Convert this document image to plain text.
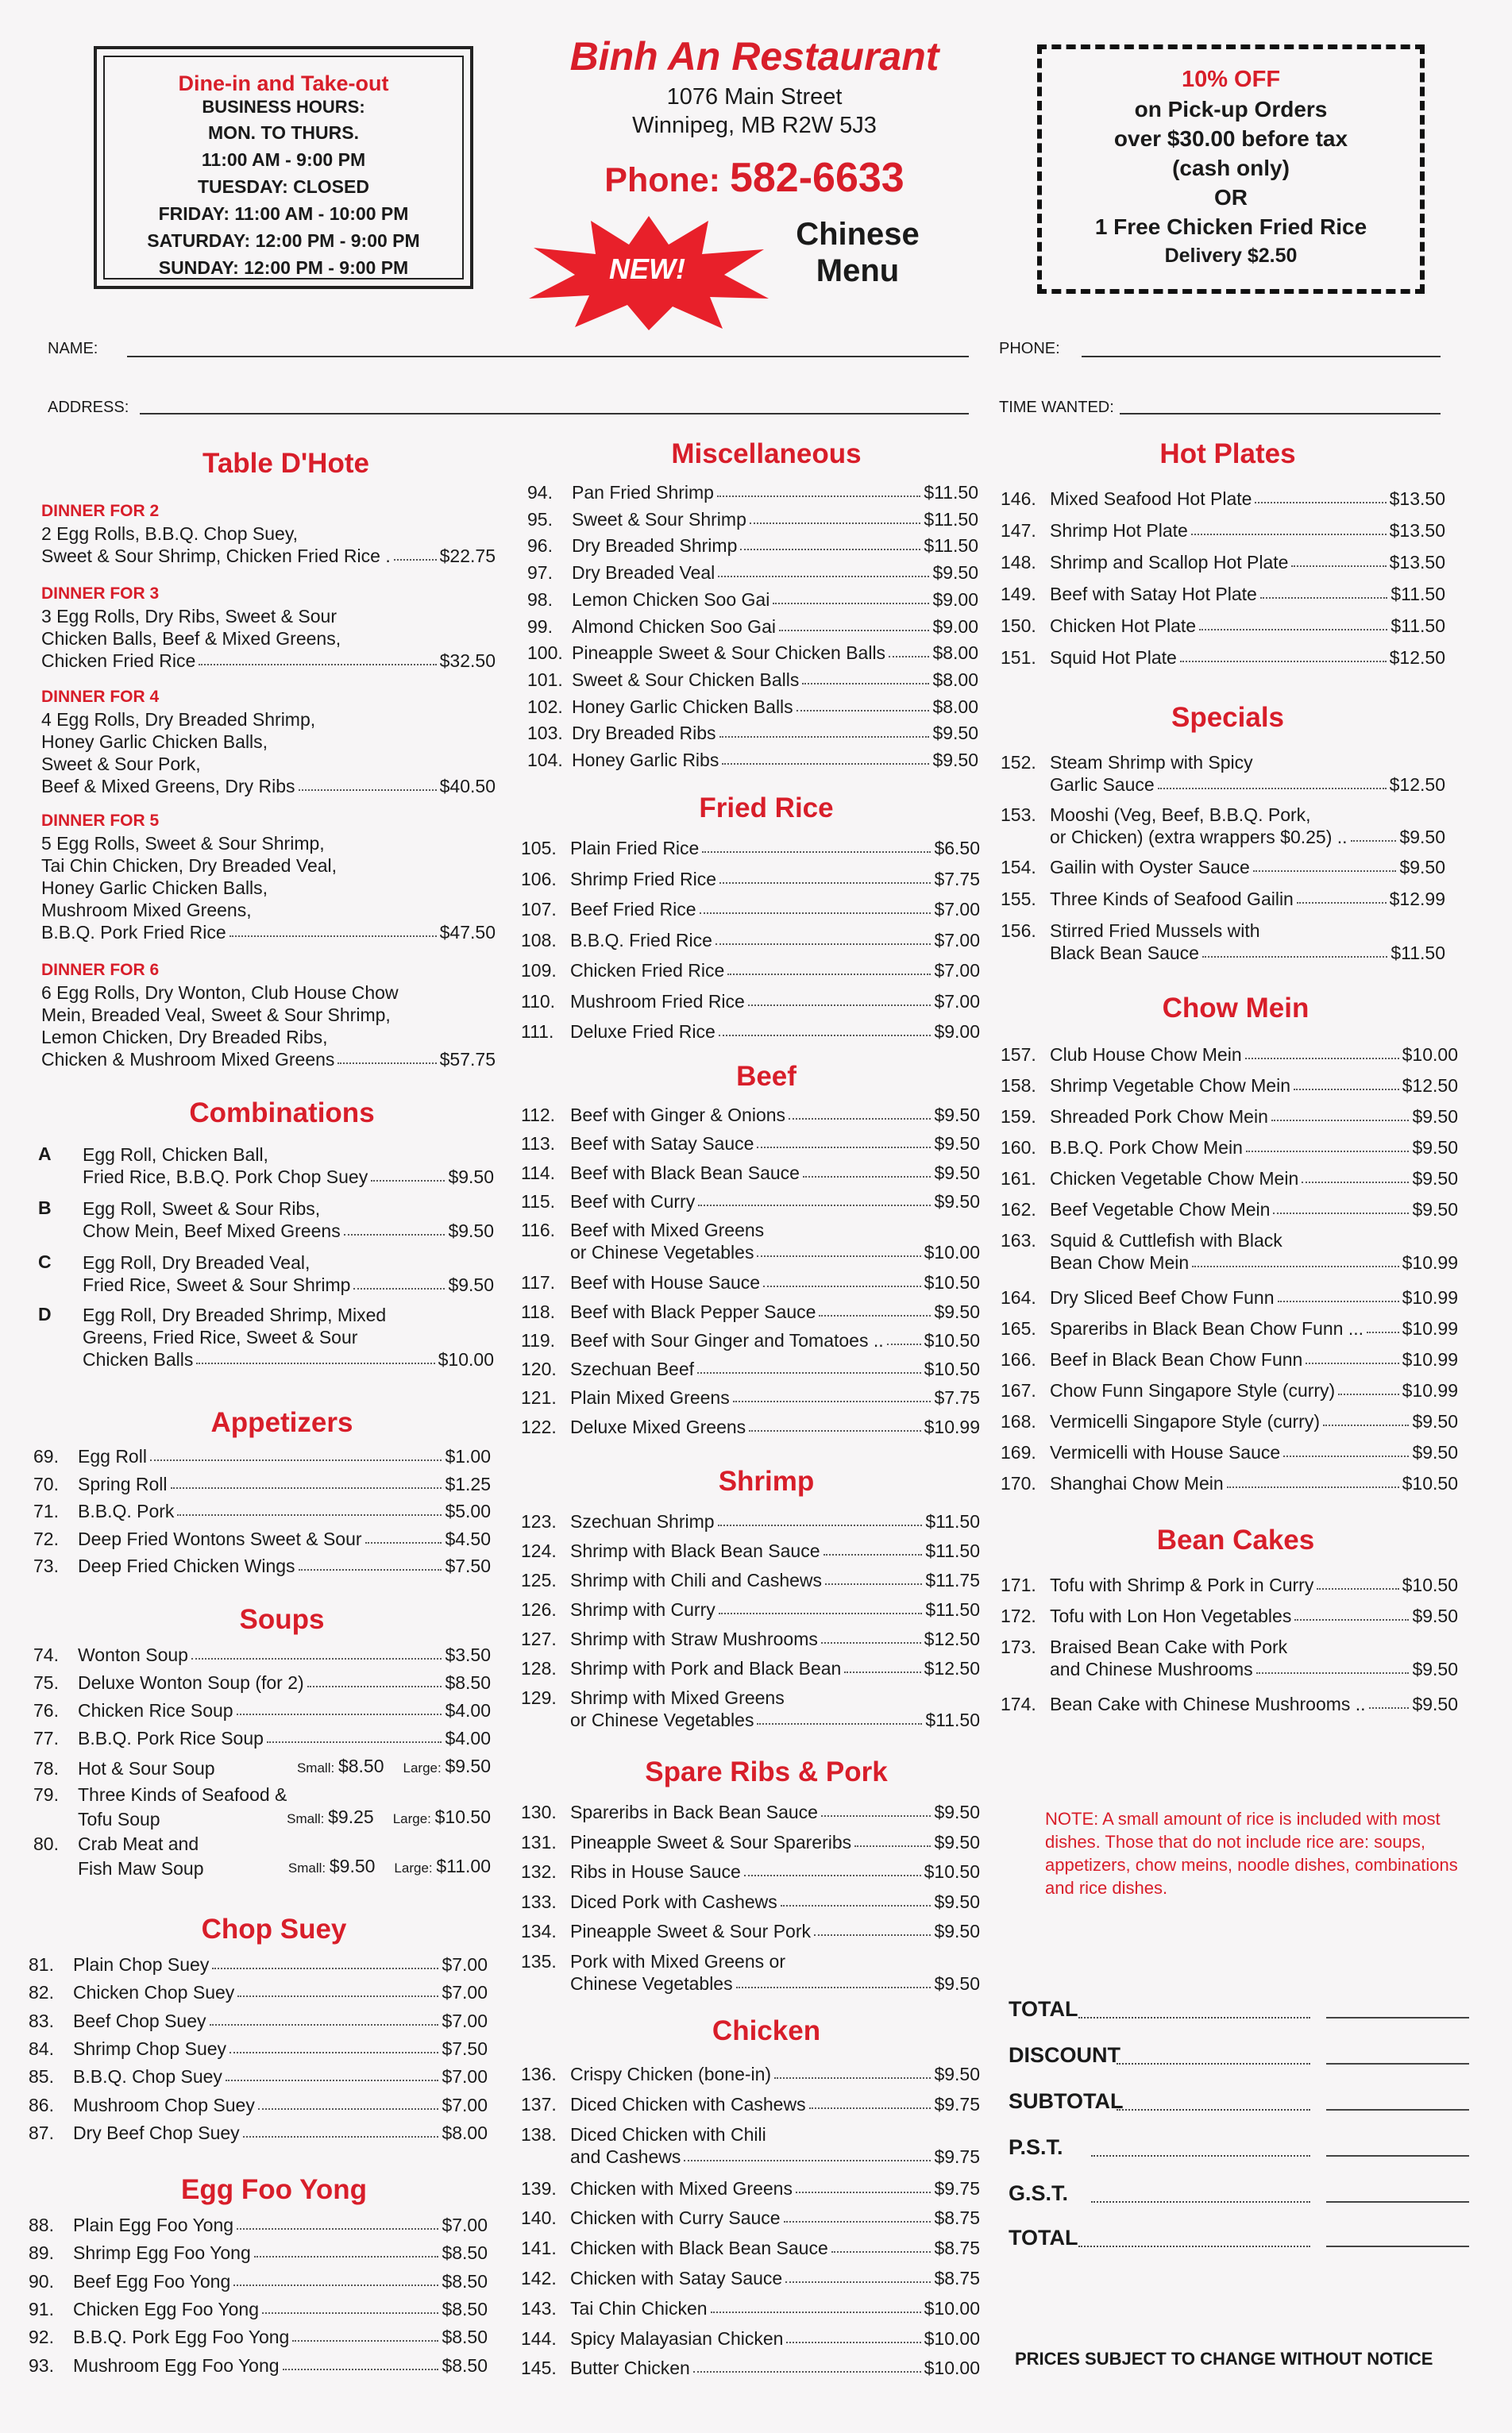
Dine-in and Take-out
BUSINESS HOURS:
MON. TO THURS.
11:00 AM - 9:00 PM
TUESDAY: CLOSED
FRIDAY: 11:00 AM - 10:00 PM
SATURDAY: 12:00 PM - 9:00 PM
SUNDAY: 12:00 PM - 9:00 PM
Binh An Restaurant
1076 Main Street
Winnipeg, MB R2W 5J3
Phone: 582-6633
NEW!
Chinese
Menu
10% OFF
on Pick-up Orders
over $30.00 before tax
(cash only)
OR
1 Free Chicken Fried Rice
Delivery $2.50
NAME:	PHONE:
ADDRESS:	TIME WANTED:
Table D'Hote
DINNER FOR 2
2 Egg Rolls, B.B.Q. Chop Suey,
Sweet & Sour Shrimp, Chicken Fried Rice .	$22.75
DINNER FOR 3
3 Egg Rolls, Dry Ribs, Sweet & Sour
Chicken Balls, Beef & Mixed Greens,
Chicken Fried Rice	$32.50
DINNER FOR 4
4 Egg Rolls, Dry Breaded Shrimp,
Honey Garlic Chicken Balls,
Sweet & Sour Pork,
Beef & Mixed Greens, Dry Ribs	$40.50
DINNER FOR 5
5 Egg Rolls, Sweet & Sour Shrimp,
Tai Chin Chicken, Dry Breaded Veal,
Honey Garlic Chicken Balls,
Mushroom Mixed Greens,
B.B.Q. Pork Fried Rice	$47.50
DINNER FOR 6
6 Egg Rolls, Dry Wonton, Club House Chow
Mein, Breaded Veal, Sweet & Sour Shrimp,
Lemon Chicken, Dry Breaded Ribs,
Chicken & Mushroom Mixed Greens	$57.75
Combinations
A Egg Roll, Chicken Ball,
Fried Rice, B.B.Q. Pork Chop Suey	$9.50
B Egg Roll, Sweet & Sour Ribs,
Chow Mein, Beef Mixed Greens	$9.50
C Egg Roll, Dry Breaded Veal,
Fried Rice, Sweet & Sour Shrimp	$9.50
D Egg Roll, Dry Breaded Shrimp, Mixed
Greens, Fried Rice, Sweet & Sour
Chicken Balls	$10.00
Appetizers
69.	Egg Roll	$1.00
70.	Spring Roll	$1.25
71.	B.B.Q. Pork	$5.00
72.	Deep Fried Wontons Sweet & Sour	$4.50
73.	Deep Fried Chicken Wings	$7.50
Soups
74.	Wonton Soup	$3.50
75.	Deluxe Wonton Soup (for 2)	$8.50
76.	Chicken Rice Soup	$4.00
77.	B.B.Q. Pork Rice Soup	$4.00
78.	Hot & Sour Soup	Small: $8.50 Large: $9.50
79.	Three Kinds of Seafood &
Tofu Soup	Small: $9.25 Large: $10.50
80.	Crab Meat and
Fish Maw Soup	Small: $9.50 Large: $11.00
Chop Suey
81.	Plain Chop Suey	$7.00
82.	Chicken Chop Suey	$7.00
83.	Beef Chop Suey	$7.00
84.	Shrimp Chop Suey	$7.50
85.	B.B.Q. Chop Suey	$7.00
86.	Mushroom Chop Suey	$7.00
87.	Dry Beef Chop Suey	$8.00
Egg Foo Yong
88.	Plain Egg Foo Yong	$7.00
89.	Shrimp Egg Foo Yong	$8.50
90.	Beef Egg Foo Yong	$8.50
91.	Chicken Egg Foo Yong	$8.50
92.	B.B.Q. Pork Egg Foo Yong	$8.50
93.	Mushroom Egg Foo Yong	$8.50
Miscellaneous
94.	Pan Fried Shrimp	$11.50
95.	Sweet & Sour Shrimp	$11.50
96.	Dry Breaded Shrimp	$11.50
97.	Dry Breaded Veal	$9.50
98.	Lemon Chicken Soo Gai	$9.00
99.	Almond Chicken Soo Gai	$9.00
100. Pineapple Sweet & Sour Chicken Balls	$8.00
101. Sweet & Sour Chicken Balls	$8.00
102. Honey Garlic Chicken Balls	$8.00
103. Dry Breaded Ribs	$9.50
104. Honey Garlic Ribs	$9.50
Fried Rice
105. Plain Fried Rice	$6.50
106. Shrimp Fried Rice	$7.75
107. Beef Fried Rice	$7.00
108. B.B.Q. Fried Rice	$7.00
109. Chicken Fried Rice	$7.00
110. Mushroom Fried Rice	$7.00
111. Deluxe Fried Rice	$9.00
Beef
112. Beef with Ginger & Onions	$9.50
113. Beef with Satay Sauce	$9.50
114. Beef with Black Bean Sauce	$9.50
115. Beef with Curry	$9.50
116. Beef with Mixed Greens
or Chinese Vegetables	$10.00
117. Beef with House Sauce	$10.50
118. Beef with Black Pepper Sauce	$9.50
119. Beef with Sour Ginger and Tomatoes .. $10.50
120. Szechuan Beef	$10.50
121. Plain Mixed Greens	$7.75
122. Deluxe Mixed Greens	$10.99
Shrimp
123. Szechuan Shrimp	$11.50
124. Shrimp with Black Bean Sauce	$11.50
125. Shrimp with Chili and Cashews	$11.75
126. Shrimp with Curry	$11.50
127. Shrimp with Straw Mushrooms	$12.50
128. Shrimp with Pork and Black Bean	$12.50
129. Shrimp with Mixed Greens
or Chinese Vegetables	$11.50
Spare Ribs & Pork
130. Spareribs in Back Bean Sauce	$9.50
131. Pineapple Sweet & Sour Spareribs	$9.50
132. Ribs in House Sauce	$10.50
133. Diced Pork with Cashews	$9.50
134. Pineapple Sweet & Sour Pork	$9.50
135. Pork with Mixed Greens or
Chinese Vegetables	$9.50
Chicken
136. Crispy Chicken (bone-in)	$9.50
137. Diced Chicken with Cashews	$9.75
138. Diced Chicken with Chili
and Cashews	$9.75
139. Chicken with Mixed Greens	$9.75
140. Chicken with Curry Sauce	$8.75
141. Chicken with Black Bean Sauce	$8.75
142. Chicken with Satay Sauce	$8.75
143. Tai Chin Chicken	$10.00
144. Spicy Malayasian Chicken	$10.00
145. Butter Chicken	$10.00
Hot Plates
146. Mixed Seafood Hot Plate	$13.50
147. Shrimp Hot Plate	$13.50
148. Shrimp and Scallop Hot Plate	$13.50
149. Beef with Satay Hot Plate	$11.50
150. Chicken Hot Plate	$11.50
151. Squid Hot Plate	$12.50
Specials
152. Steam Shrimp with Spicy
Garlic Sauce	$12.50
153. Mooshi (Veg, Beef, B.B.Q. Pork,
or Chicken) (extra wrappers $0.25) ..	$9.50
154. Gailin with Oyster Sauce	$9.50
155. Three Kinds of Seafood Gailin	$12.99
156. Stirred Fried Mussels with
Black Bean Sauce	$11.50
Chow Mein
157. Club House Chow Mein	$10.00
158. Shrimp Vegetable Chow Mein	$12.50
159. Shreaded Pork Chow Mein	$9.50
160. B.B.Q. Pork Chow Mein	$9.50
161. Chicken Vegetable Chow Mein	$9.50
162. Beef Vegetable Chow Mein	$9.50
163. Squid & Cuttlefish with Black
Bean Chow Mein	$10.99
164. Dry Sliced Beef Chow Funn	$10.99
165. Spareribs in Black Bean Chow Funn ... $10.99
166. Beef in Black Bean Chow Funn	$10.99
167. Chow Funn Singapore Style (curry)	$10.99
168. Vermicelli Singapore Style (curry)	$9.50
169. Vermicelli with House Sauce	$9.50
170. Shanghai Chow Mein	$10.50
Bean Cakes
171. Tofu with Shrimp & Pork in Curry	$10.50
172. Tofu with Lon Hon Vegetables	$9.50
173. Braised Bean Cake with Pork
and Chinese Mushrooms	$9.50
174. Bean Cake with Chinese Mushrooms ..	$9.50
NOTE: A small amount of rice is included with most dishes. Those that do not include rice are: soups, appetizers, chow meins, noodle dishes, combinations and rice dishes.
TOTAL
DISCOUNT
SUBTOTAL
P.S.T.
G.S.T.
TOTAL
PRICES SUBJECT TO CHANGE WITHOUT NOTICE
